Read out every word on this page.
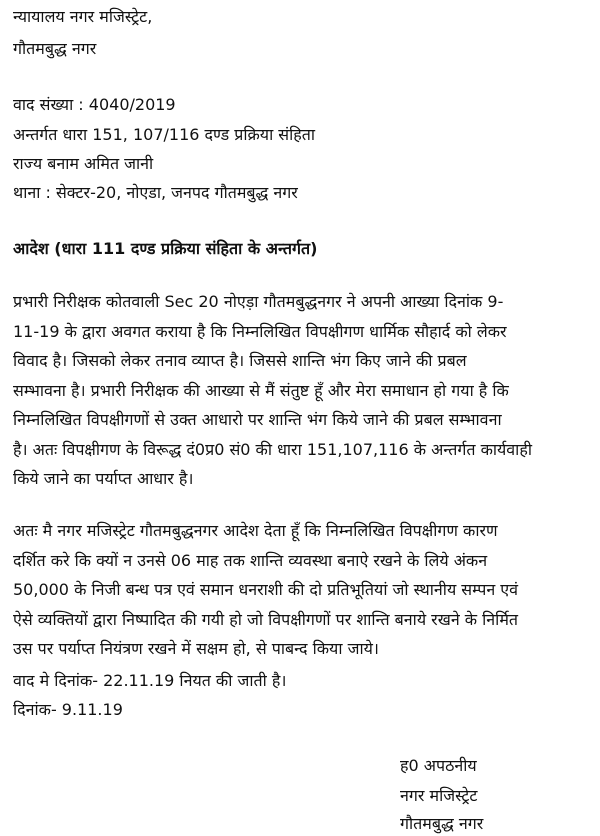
न्यायालय नगर मजिस्ट्रेट,
गौतमबुद्ध नगर
वाद संख्या : 4040/2019
अन्तर्गत धारा 151, 107/116 दण्ड प्रक्रिया संहिता
राज्य बनाम अमित जानी
थाना : सेक्टर-20, नोएडा, जनपद गौतमबुद्ध नगर
आदेश (धारा 111 दण्ड प्रक्रिया संहिता के अन्तर्गत)
प्रभारी निरीक्षक कोतवाली Sec 20 नोएड़ा गौतमबुद्धनगर ने अपनी आख्या दिनांक 9-
11-19 के द्वारा अवगत कराया है कि निम्नलिखित विपक्षीगण धार्मिक सौहार्द को लेकर
विवाद है। जिसको लेकर तनाव व्याप्त है। जिससे शान्ति भंग किए जाने की प्रबल
सम्भावना है। प्रभारी निरीक्षक की आख्या से मैं संतुष्ट हूँ और मेरा समाधान हो गया है कि
निम्नलिखित विपक्षीगणों से उक्त आधारो पर शान्ति भंग किये जाने की प्रबल सम्भावना
है। अतः विपक्षीगण के विरूद्ध दं0प्र0 सं0 की धारा 151,107,116 के अन्तर्गत कार्यवाही
किये जाने का पर्याप्त आधार है।
अतः मै नगर मजिस्ट्रेट गौतमबुद्धनगर आदेश देता हूँ कि निम्नलिखित विपक्षीगण कारण
दर्शित करे कि क्यों न उनसे 06 माह तक शान्ति व्यवस्था बनाऐ रखने के लिये अंकन
50,000 के निजी बन्ध पत्र एवं समान धनराशी की दो प्रतिभूतियां जो स्थानीय सम्पन एवं
ऐसे व्यक्तियों द्वारा निष्पादित की गयी हो जो विपक्षीगणों पर शान्ति बनाये रखने के निर्मित
उस पर पर्याप्त नियंत्रण रखने में सक्षम हो, से पाबन्द किया जाये।
वाद मे दिनांक- 22.11.19 नियत की जाती है।
दिनांक- 9.11.19
ह0 अपठनीय
नगर मजिस्ट्रेट
गौतमबुद्ध नगर
